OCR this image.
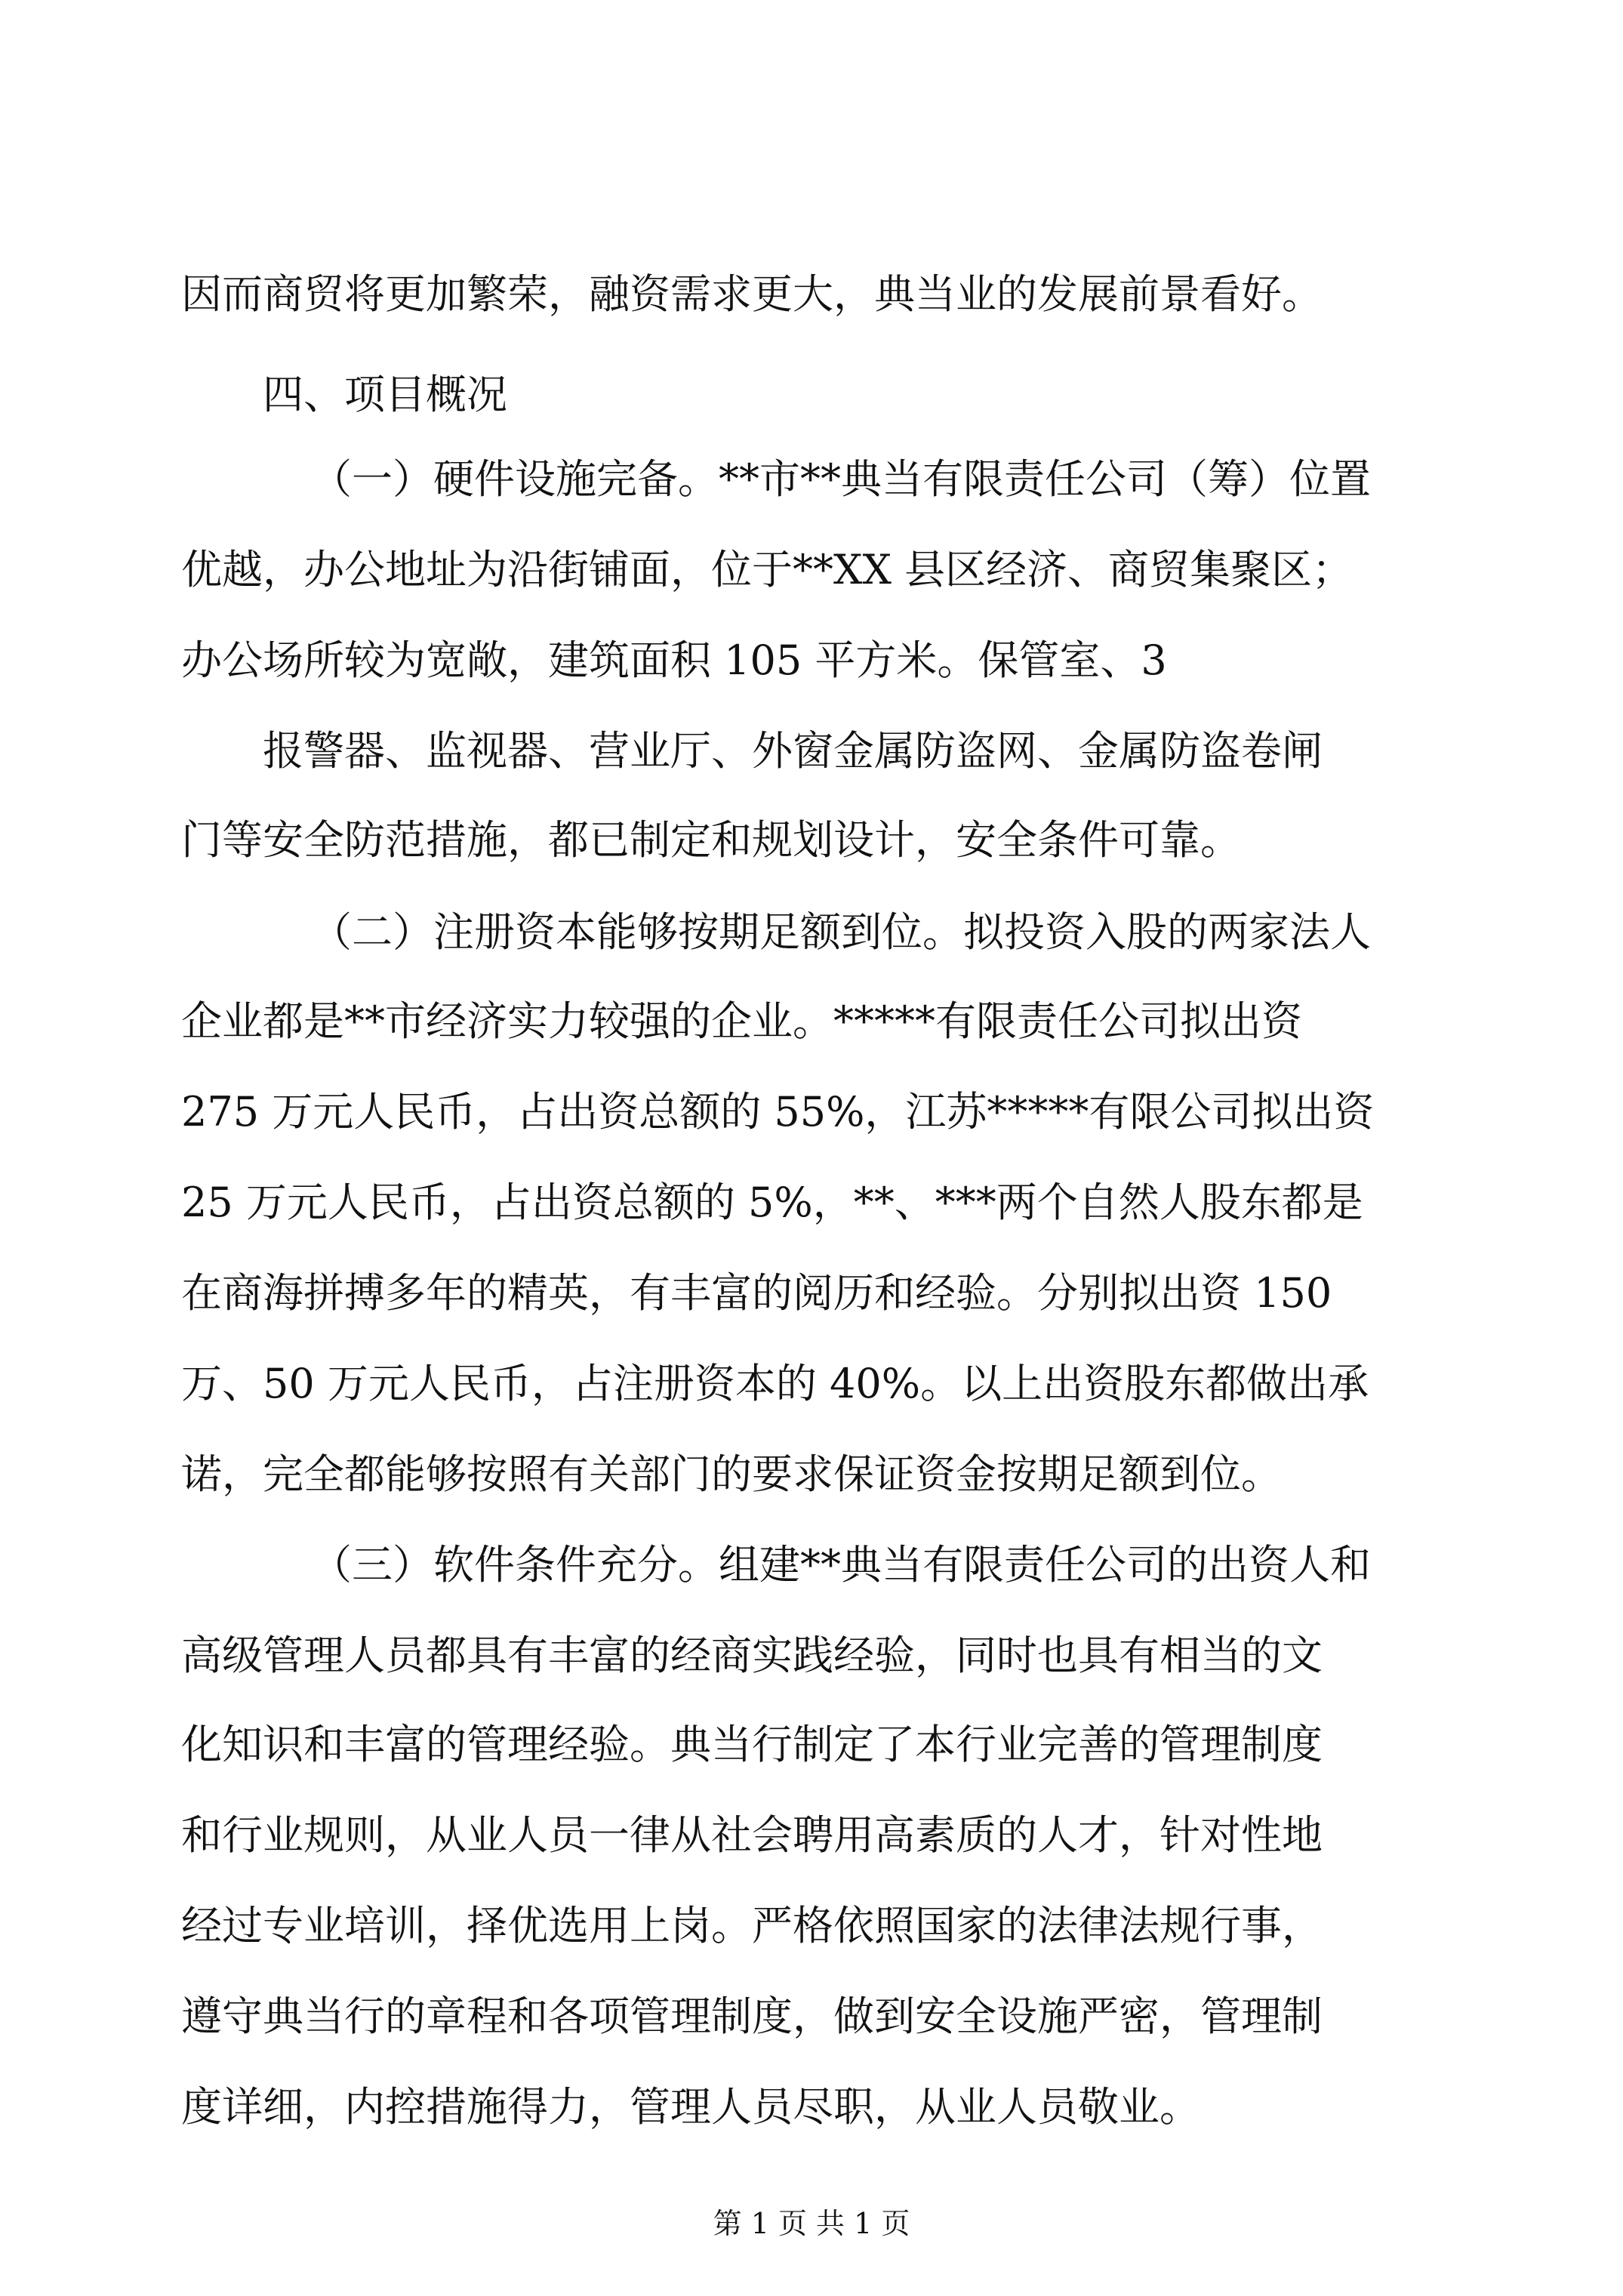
因而商贸将更加繁荣，融资需求更大，典当业的发展前景看好。
四、项目概况
（一）硬件设施完备。**市**典当有限责任公司（筹）位置
优越，办公地址为沿街铺面，位于**XX 县区经济、商贸集聚区；
办公场所较为宽敞，建筑面积 105 平方米。保管室、3
报警器、监视器、营业厅、外窗金属防盗网、金属防盗卷闸
门等安全防范措施，都已制定和规划设计，安全条件可靠。
（二）注册资本能够按期足额到位。拟投资入股的两家法人
企业都是**市经济实力较强的企业。*****有限责任公司拟出资
275 万元人民币，占出资总额的 55%，江苏*****有限公司拟出资
25 万元人民币，占出资总额的 5%，**、***两个自然人股东都是
在商海拼搏多年的精英，有丰富的阅历和经验。分别拟出资 150
万、50 万元人民币，占注册资本的 40%。以上出资股东都做出承
诺，完全都能够按照有关部门的要求保证资金按期足额到位。
（三）软件条件充分。组建**典当有限责任公司的出资人和
高级管理人员都具有丰富的经商实践经验，同时也具有相当的文
化知识和丰富的管理经验。典当行制定了本行业完善的管理制度
和行业规则，从业人员一律从社会聘用高素质的人才，针对性地
经过专业培训，择优选用上岗。严格依照国家的法律法规行事，
遵守典当行的章程和各项管理制度，做到安全设施严密，管理制
度详细，内控措施得力，管理人员尽职，从业人员敬业。
第 1 页 共 1 页
